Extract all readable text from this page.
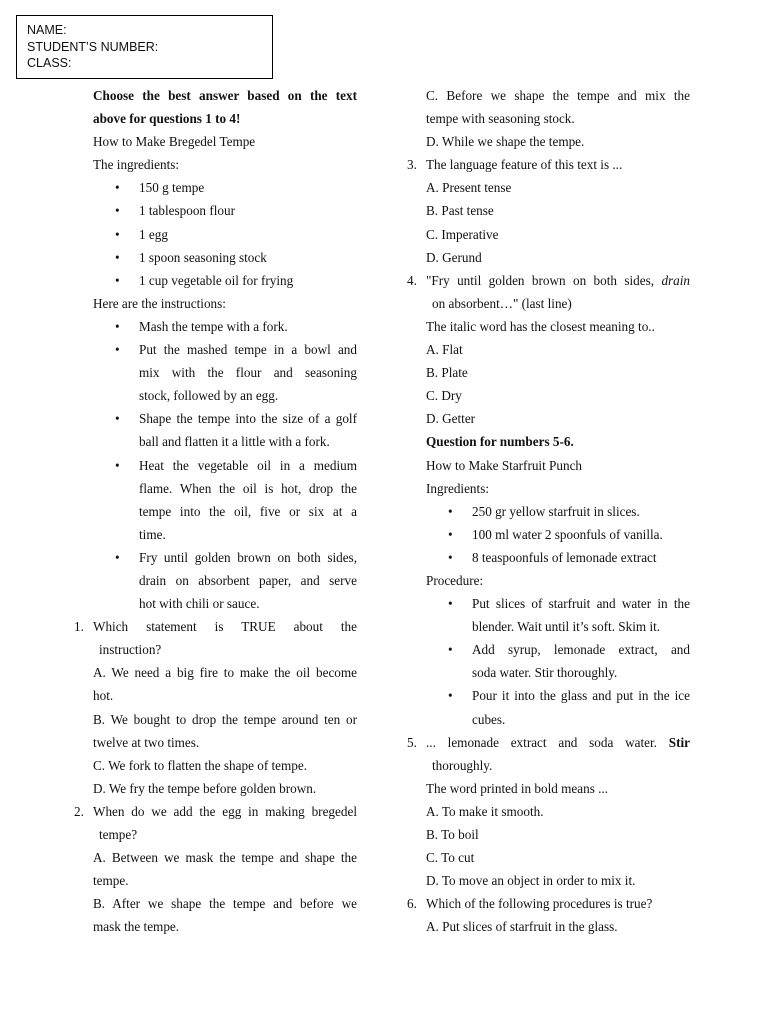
NAME:
STUDENT’S NUMBER:
CLASS:
Choose the best answer based on the text
above for questions 1 to 4!
How to Make Bregedel Tempe
The ingredients:
•	150 g tempe
•	1 tablespoon flour
•	1 egg
•	1 spoon seasoning stock
•	1 cup vegetable oil for frying
Here are the instructions:
•	Mash the tempe with a fork.
•	Put the mashed tempe in a bowl and
mix with the flour and seasoning
stock, followed by an egg.
•	Shape the tempe into the size of a golf
ball and flatten it a little with a fork.
•	Heat the vegetable oil in a medium
flame. When the oil is hot, drop the
tempe into the oil, five or six at a
time.
•	Fry until golden brown on both sides,
drain on absorbent paper, and serve
hot with chili or sauce.
1. Which statement is TRUE about the
instruction?
A. We need a big fire to make the oil become
hot.
B. We bought to drop the tempe around ten or
twelve at two times.
C. We fork to flatten the shape of tempe.
D. We fry the tempe before golden brown.
2. When do we add the egg in making bregedel
tempe?
A. Between we mask the tempe and shape the
tempe.
B. After we shape the tempe and before we
mask the tempe.
C. Before we shape the tempe and mix the
tempe with seasoning stock.
D. While we shape the tempe.
3. The language feature of this text is ...
A. Present tense
B. Past tense
C. Imperative
D. Gerund
4. "Fry until golden brown on both sides, drain
on absorbent…" (last line)
The italic word has the closest meaning to..
A. Flat
B. Plate
C. Dry
D. Getter
Question for numbers 5-6.
How to Make Starfruit Punch
Ingredients:
•	250 gr yellow starfruit in slices.
•	100 ml water 2 spoonfuls of vanilla.
•	8 teaspoonfuls of lemonade extract
Procedure:
•	Put slices of starfruit and water in the
blender. Wait until it’s soft. Skim it.
•	Add syrup, lemonade extract, and
soda water. Stir thoroughly.
•	Pour it into the glass and put in the ice
cubes.
5. ... lemonade extract and soda water. Stir
thoroughly.
The word printed in bold means ...
A. To make it smooth.
B. To boil
C. To cut
D. To move an object in order to mix it.
6. Which of the following procedures is true?
A. Put slices of starfruit in the glass.
